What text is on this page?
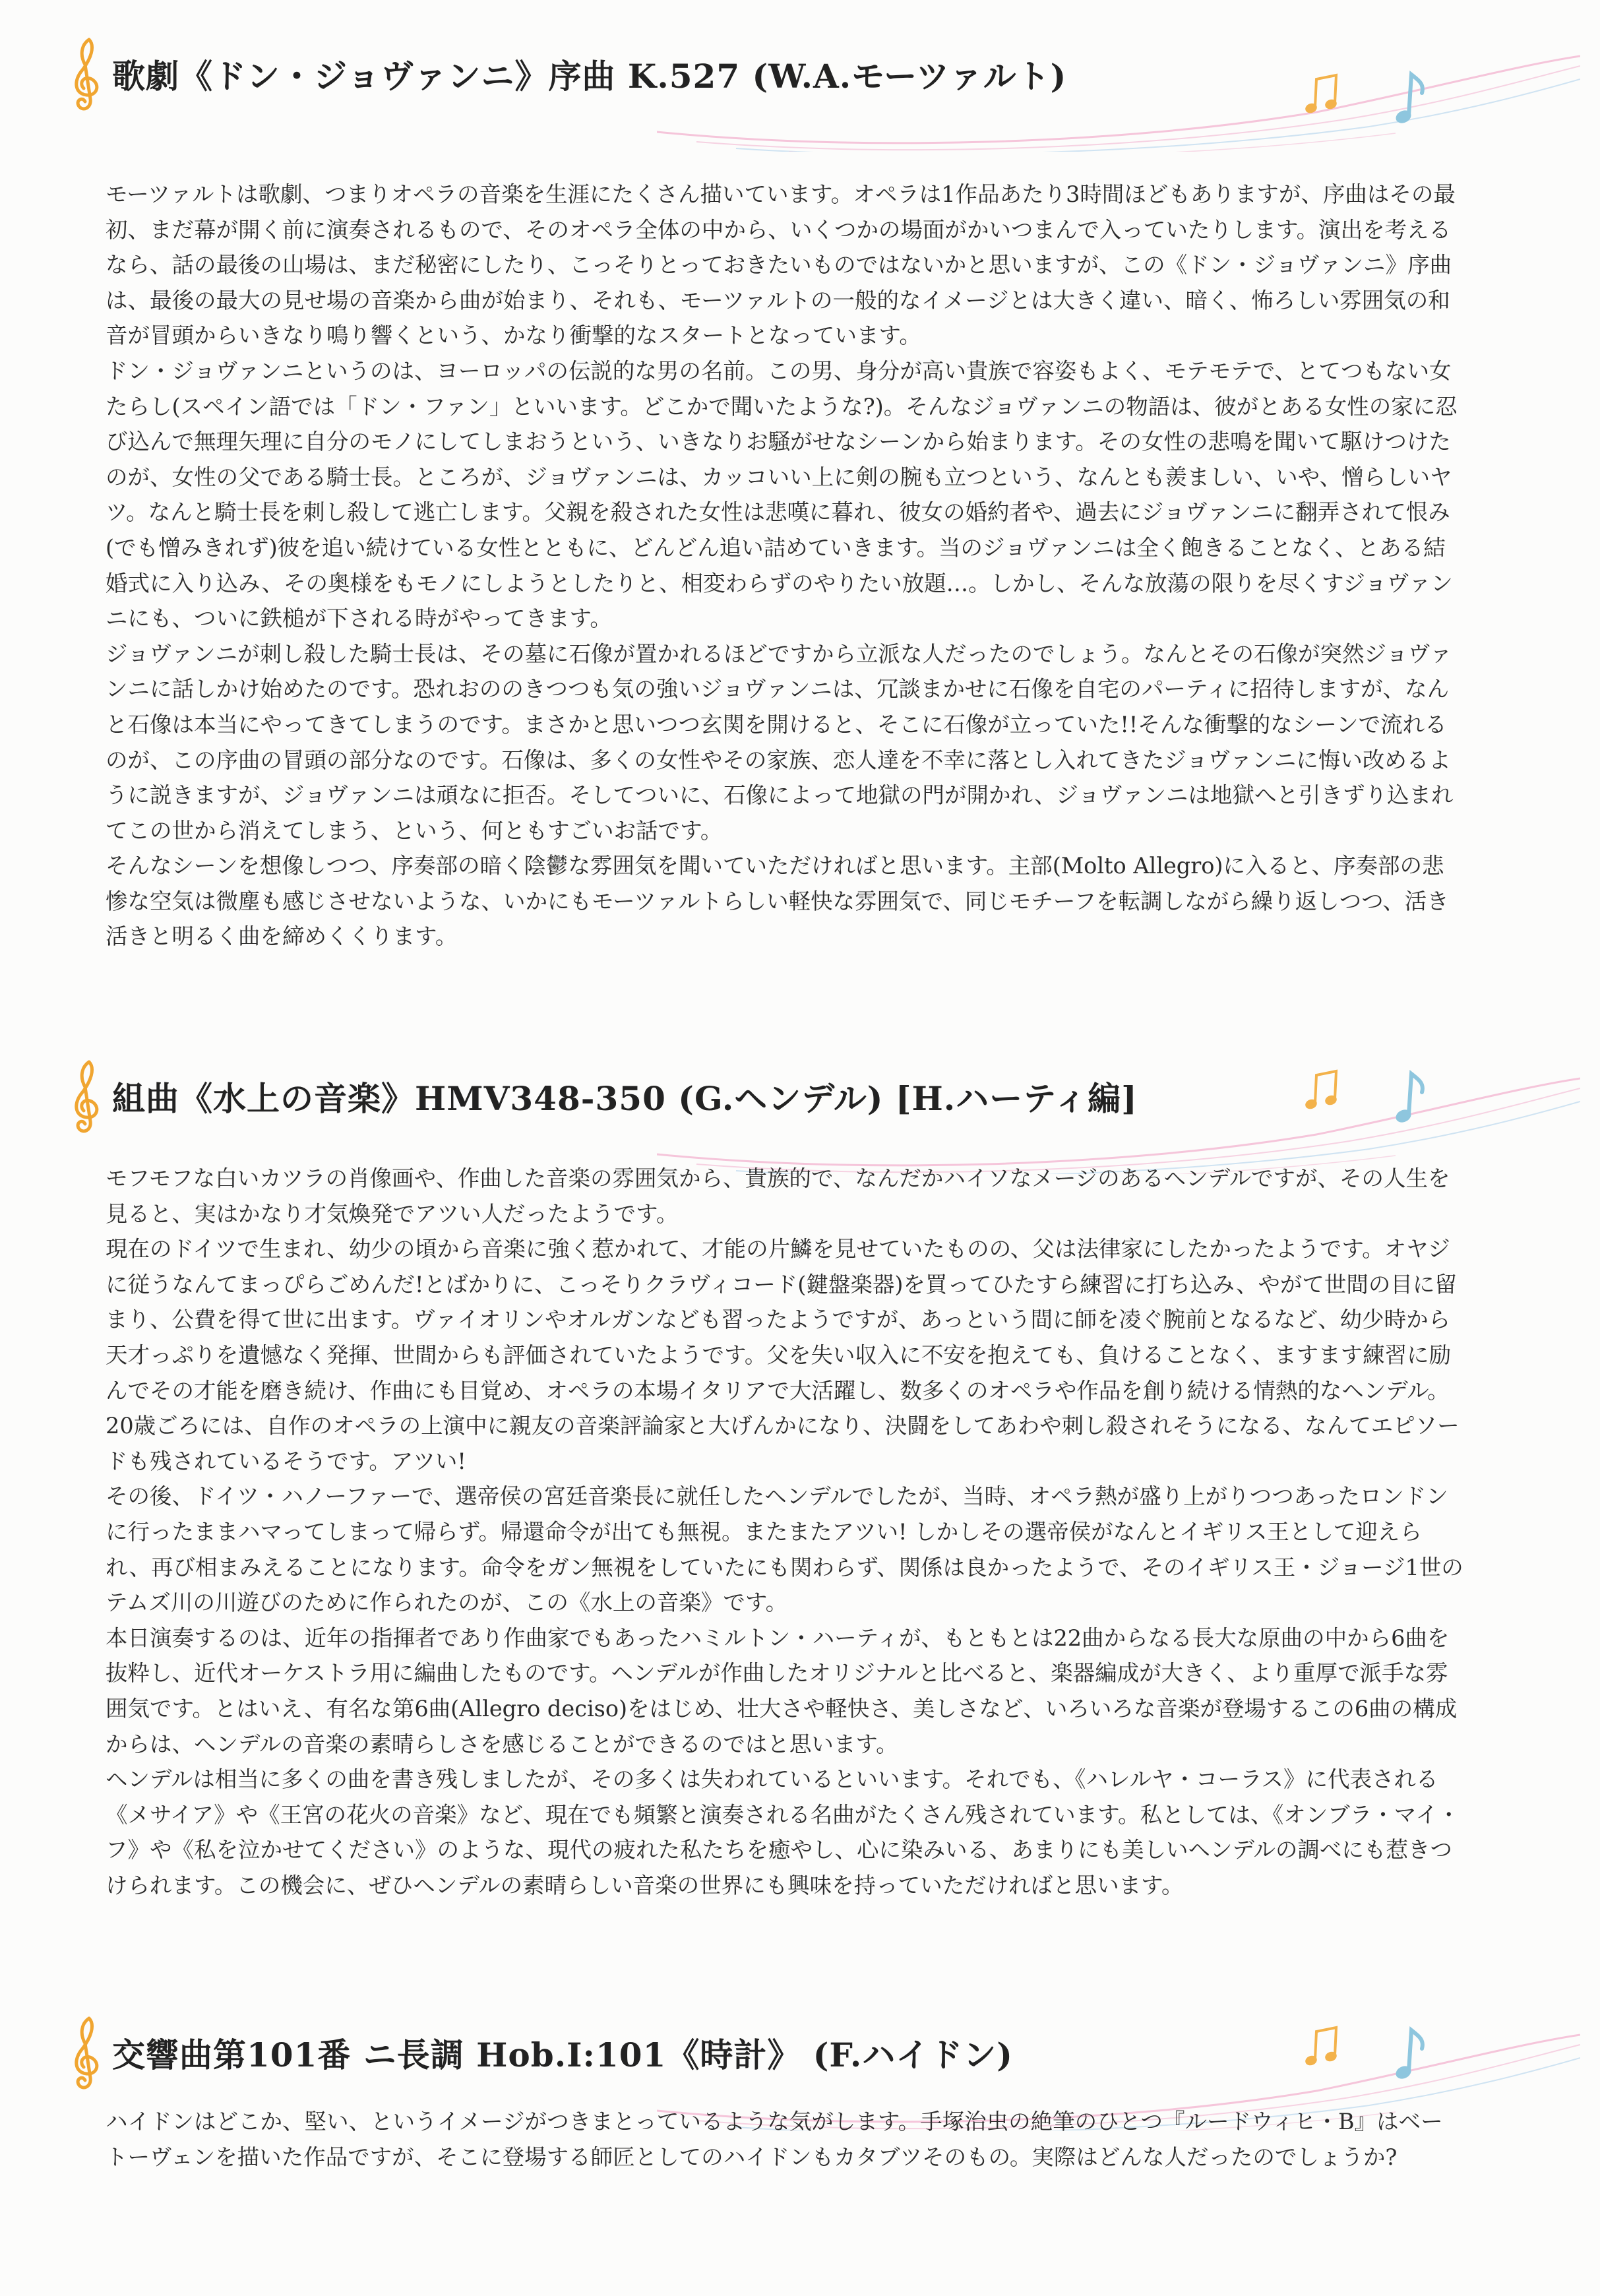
歌劇《ドン・ジョヴァンニ》序曲 K.527 (W.A.モーツァルト)

モーツァルトは歌劇、つまりオペラの音楽を生涯にたくさん描いています。オペラは1作品あたり3時間ほどもありますが、序曲はその最初、まだ幕が開く前に演奏されるもので、そのオペラ全体の中から、いくつかの場面がかいつまんで入っていたりします。演出を考えるなら、話の最後の山場は、まだ秘密にしたり、こっそりとっておきたいものではないかと思いますが、この《ドン・ジョヴァンニ》序曲は、最後の最大の見せ場の音楽から曲が始まり、それも、モーツァルトの一般的なイメージとは大きく違い、暗く、怖ろしい雰囲気の和音が冒頭からいきなり鳴り響くという、かなり衝撃的なスタートとなっています。

ドン・ジョヴァンニというのは、ヨーロッパの伝説的な男の名前。この男、身分が高い貴族で容姿もよく、モテモテで、とてつもない女たらし(スペイン語では「ドン・ファン」といいます。どこかで聞いたような?)。そんなジョヴァンニの物語は、彼がとある女性の家に忍び込んで無理矢理に自分のモノにしてしまおうという、いきなりお騒がせなシーンから始まります。その女性の悲鳴を聞いて駆けつけたのが、女性の父である騎士長。ところが、ジョヴァンニは、カッコいい上に剣の腕も立つという、なんとも羨ましい、いや、憎らしいヤツ。なんと騎士長を刺し殺して逃亡します。父親を殺された女性は悲嘆に暮れ、彼女の婚約者や、過去にジョヴァンニに翻弄されて恨み(でも憎みきれず)彼を追い続けている女性とともに、どんどん追い詰めていきます。当のジョヴァンニは全く飽きることなく、とある結婚式に入り込み、その奥様をもモノにしようとしたりと、相変わらずのやりたい放題…。しかし、そんな放蕩の限りを尽くすジョヴァンニにも、ついに鉄槌が下される時がやってきます。

ジョヴァンニが刺し殺した騎士長は、その墓に石像が置かれるほどですから立派な人だったのでしょう。なんとその石像が突然ジョヴァンニに話しかけ始めたのです。恐れおののきつつも気の強いジョヴァンニは、冗談まかせに石像を自宅のパーティに招待しますが、なんと石像は本当にやってきてしまうのです。まさかと思いつつ玄関を開けると、そこに石像が立っていた!!そんな衝撃的なシーンで流れるのが、この序曲の冒頭の部分なのです。石像は、多くの女性やその家族、恋人達を不幸に落とし入れてきたジョヴァンニに悔い改めるように説きますが、ジョヴァンニは頑なに拒否。そしてついに、石像によって地獄の門が開かれ、ジョヴァンニは地獄へと引きずり込まれてこの世から消えてしまう、という、何ともすごいお話です。

そんなシーンを想像しつつ、序奏部の暗く陰鬱な雰囲気を聞いていただければと思います。主部(Molto Allegro)に入ると、序奏部の悲惨な空気は微塵も感じさせないような、いかにもモーツァルトらしい軽快な雰囲気で、同じモチーフを転調しながら繰り返しつつ、活き活きと明るく曲を締めくくります。

組曲《水上の音楽》HMV348-350 (G.ヘンデル) [H.ハーティ編]

モフモフな白いカツラの肖像画や、作曲した音楽の雰囲気から、貴族的で、なんだかハイソなメージのあるヘンデルですが、その人生を見ると、実はかなり才気煥発でアツい人だったようです。

現在のドイツで生まれ、幼少の頃から音楽に強く惹かれて、才能の片鱗を見せていたものの、父は法律家にしたかったようです。オヤジに従うなんてまっぴらごめんだ!とばかりに、こっそりクラヴィコード(鍵盤楽器)を買ってひたすら練習に打ち込み、やがて世間の目に留まり、公費を得て世に出ます。ヴァイオリンやオルガンなども習ったようですが、あっという間に師を凌ぐ腕前となるなど、幼少時から天才っぷりを遺憾なく発揮、世間からも評価されていたようです。父を失い収入に不安を抱えても、負けることなく、ますます練習に励んでその才能を磨き続け、作曲にも目覚め、オペラの本場イタリアで大活躍し、数多くのオペラや作品を創り続ける情熱的なヘンデル。20歳ごろには、自作のオペラの上演中に親友の音楽評論家と大げんかになり、決闘をしてあわや刺し殺されそうになる、なんてエピソードも残されているそうです。アツい!

その後、ドイツ・ハノーファーで、選帝侯の宮廷音楽長に就任したヘンデルでしたが、当時、オペラ熱が盛り上がりつつあったロンドンに行ったままハマってしまって帰らず。帰還命令が出ても無視。またまたアツい! しかしその選帝侯がなんとイギリス王として迎えられ、再び相まみえることになります。命令をガン無視をしていたにも関わらず、関係は良かったようで、そのイギリス王・ジョージ1世のテムズ川の川遊びのために作られたのが、この《水上の音楽》です。

本日演奏するのは、近年の指揮者であり作曲家でもあったハミルトン・ハーティが、もともとは22曲からなる長大な原曲の中から6曲を抜粋し、近代オーケストラ用に編曲したものです。ヘンデルが作曲したオリジナルと比べると、楽器編成が大きく、より重厚で派手な雰囲気です。とはいえ、有名な第6曲(Allegro deciso)をはじめ、壮大さや軽快さ、美しさなど、いろいろな音楽が登場するこの6曲の構成からは、ヘンデルの音楽の素晴らしさを感じることができるのではと思います。

ヘンデルは相当に多くの曲を書き残しましたが、その多くは失われているといいます。それでも、《ハレルヤ・コーラス》に代表される《メサイア》や《王宮の花火の音楽》など、現在でも頻繁と演奏される名曲がたくさん残されています。私としては、《オンブラ・マイ・フ》や《私を泣かせてください》のような、現代の疲れた私たちを癒やし、心に染みいる、あまりにも美しいヘンデルの調べにも惹きつけられます。この機会に、ぜひヘンデルの素晴らしい音楽の世界にも興味を持っていただければと思います。

交響曲第101番 ニ長調 Hob.I:101《時計》 (F.ハイドン)

ハイドンはどこか、堅い、というイメージがつきまとっているような気がします。手塚治虫の絶筆のひとつ『ルードウィヒ・B』はベートーヴェンを描いた作品ですが、そこに登場する師匠としてのハイドンもカタブツそのもの。実際はどんな人だったのでしょうか?
